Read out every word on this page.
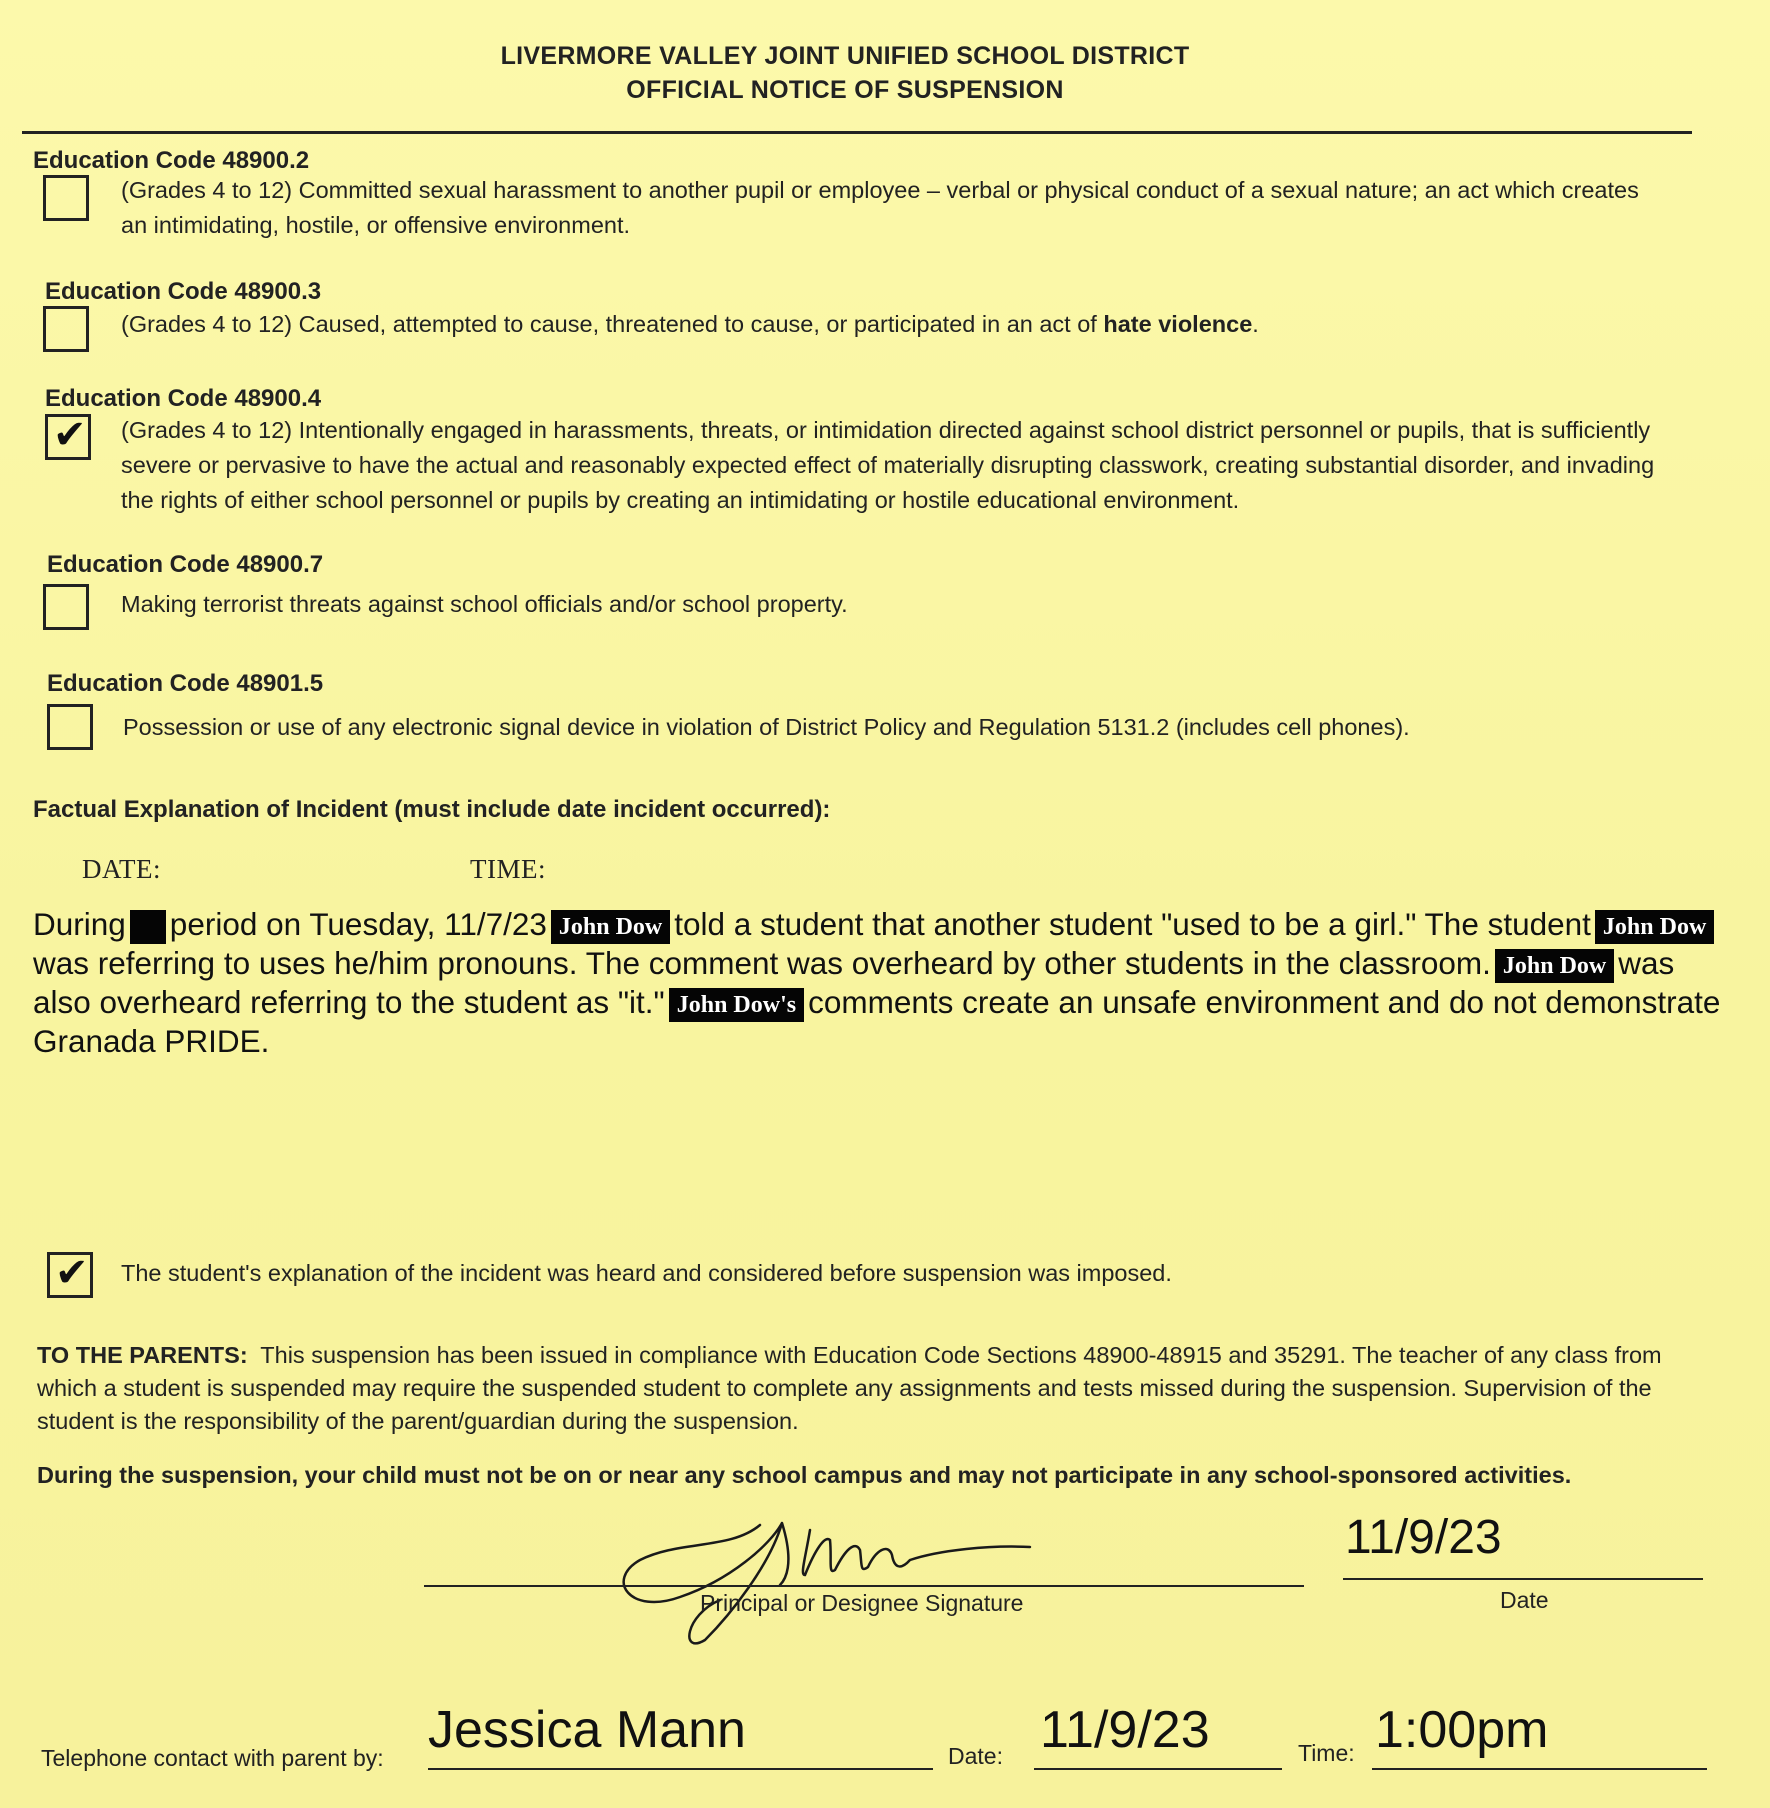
LIVERMORE VALLEY JOINT UNIFIED SCHOOL DISTRICT
OFFICIAL NOTICE OF SUSPENSION
Education Code 48900.2
(Grades 4 to 12) Committed sexual harassment to another pupil or employee – verbal or physical conduct of a sexual nature; an act which creates an intimidating, hostile, or offensive environment.
Education Code 48900.3
(Grades 4 to 12) Caused, attempted to cause, threatened to cause, or participated in an act of hate violence.
Education Code 48900.4
✔ (Grades 4 to 12) Intentionally engaged in harassments, threats, or intimidation directed against school district personnel or pupils, that is sufficiently severe or pervasive to have the actual and reasonably expected effect of materially disrupting classwork, creating substantial disorder, and invading the rights of either school personnel or pupils by creating an intimidating or hostile educational environment.
Education Code 48900.7
Making terrorist threats against school officials and/or school property.
Education Code 48901.5
Possession or use of any electronic signal device in violation of District Policy and Regulation 5131.2 (includes cell phones).
Factual Explanation of Incident (must include date incident occurred):
DATE:	TIME:
During period on Tuesday, 11/7/23 John Dow told a student that another student "used to be a girl." The student John Dowwas referring to uses he/him pronouns. The comment was overheard by other students in the classroom. John Dow was also overheard referring to the student as "it." John Dow's comments create an unsafe environment and do not demonstrate Granada PRIDE.
✔ The student's explanation of the incident was heard and considered before suspension was imposed.
TO THE PARENTS: This suspension has been issued in compliance with Education Code Sections 48900-48915 and 35291. The teacher of any class from which a student is suspended may require the suspended student to complete any assignments and tests missed during the suspension. Supervision of the student is the responsibility of the parent/guardian during the suspension.
During the suspension, your child must not be on or near any school campus and may not participate in any school-sponsored activities.
Principal or Designee Signature
11/9/23
Date
Telephone contact with parent by: Jessica Mann	Date: 11/9/23	Time: 1:00pm
